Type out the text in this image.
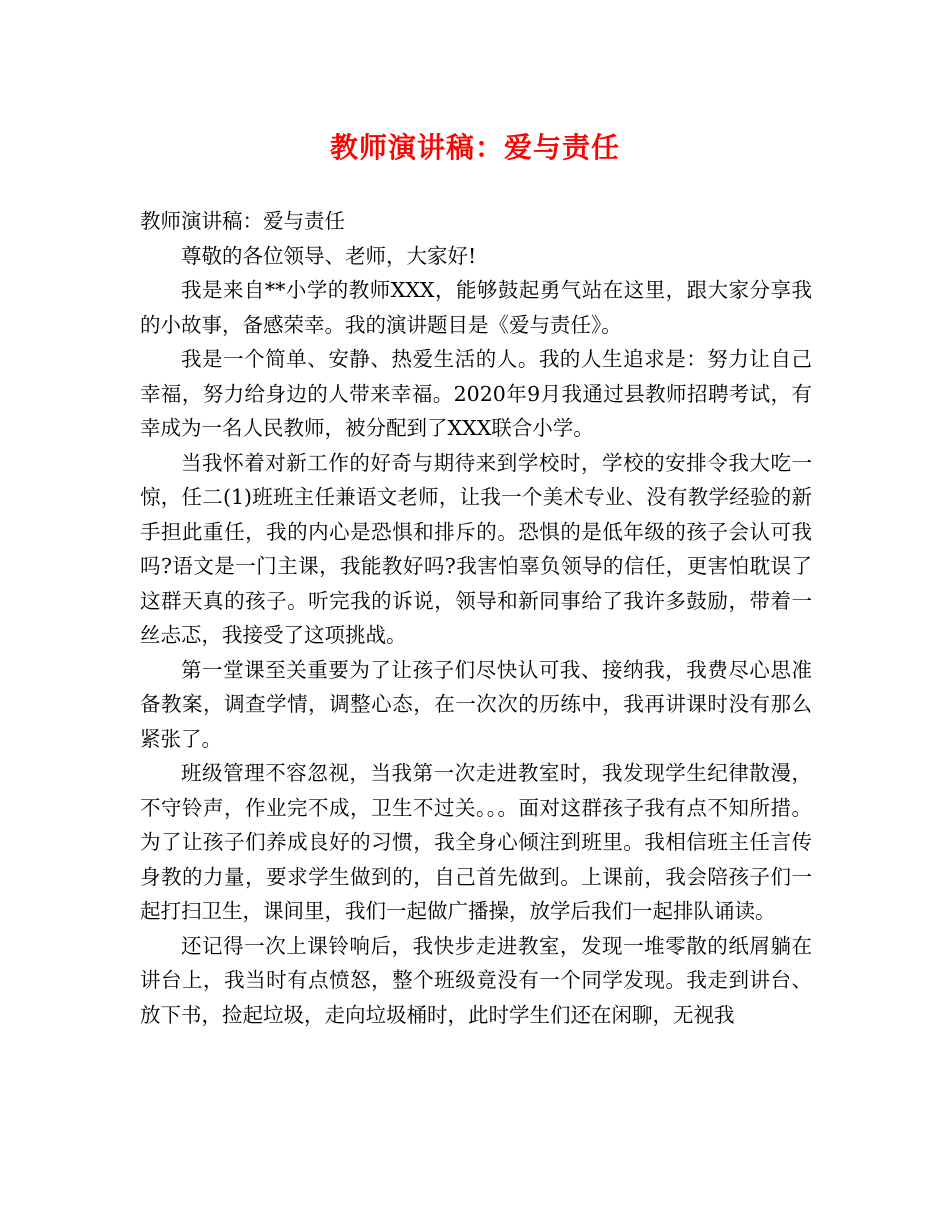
教师演讲稿：爱与责任

教师演讲稿：爱与责任

尊敬的各位领导、老师，大家好!

我是来自**小学的教师XXX，能够鼓起勇气站在这里，跟大家分享我的小故事，备感荣幸。我的演讲题目是《爱与责任》。

我是一个简单、安静、热爱生活的人。我的人生追求是：努力让自己幸福，努力给身边的人带来幸福。2020年9月我通过县教师招聘考试，有幸成为一名人民教师，被分配到了XXX联合小学。

当我怀着对新工作的好奇与期待来到学校时，学校的安排令我大吃一惊，任二(1)班班主任兼语文老师，让我一个美术专业、没有教学经验的新手担此重任，我的内心是恐惧和排斥的。恐惧的是低年级的孩子会认可我吗?语文是一门主课，我能教好吗?我害怕辜负领导的信任，更害怕耽误了这群天真的孩子。听完我的诉说，领导和新同事给了我许多鼓励，带着一丝忐忑，我接受了这项挑战。

第一堂课至关重要为了让孩子们尽快认可我、接纳我，我费尽心思准备教案，调查学情，调整心态，在一次次的历练中，我再讲课时没有那么紧张了。

班级管理不容忽视，当我第一次走进教室时，我发现学生纪律散漫，不守铃声，作业完不成，卫生不过关。。。面对这群孩子我有点不知所措。为了让孩子们养成良好的习惯，我全身心倾注到班里。我相信班主任言传身教的力量，要求学生做到的，自己首先做到。上课前，我会陪孩子们一起打扫卫生，课间里，我们一起做广播操，放学后我们一起排队诵读。

还记得一次上课铃响后，我快步走进教室，发现一堆零散的纸屑躺在讲台上，我当时有点愤怒，整个班级竟没有一个同学发现。我走到讲台、放下书，捡起垃圾，走向垃圾桶时，此时学生们还在闲聊，无视我
